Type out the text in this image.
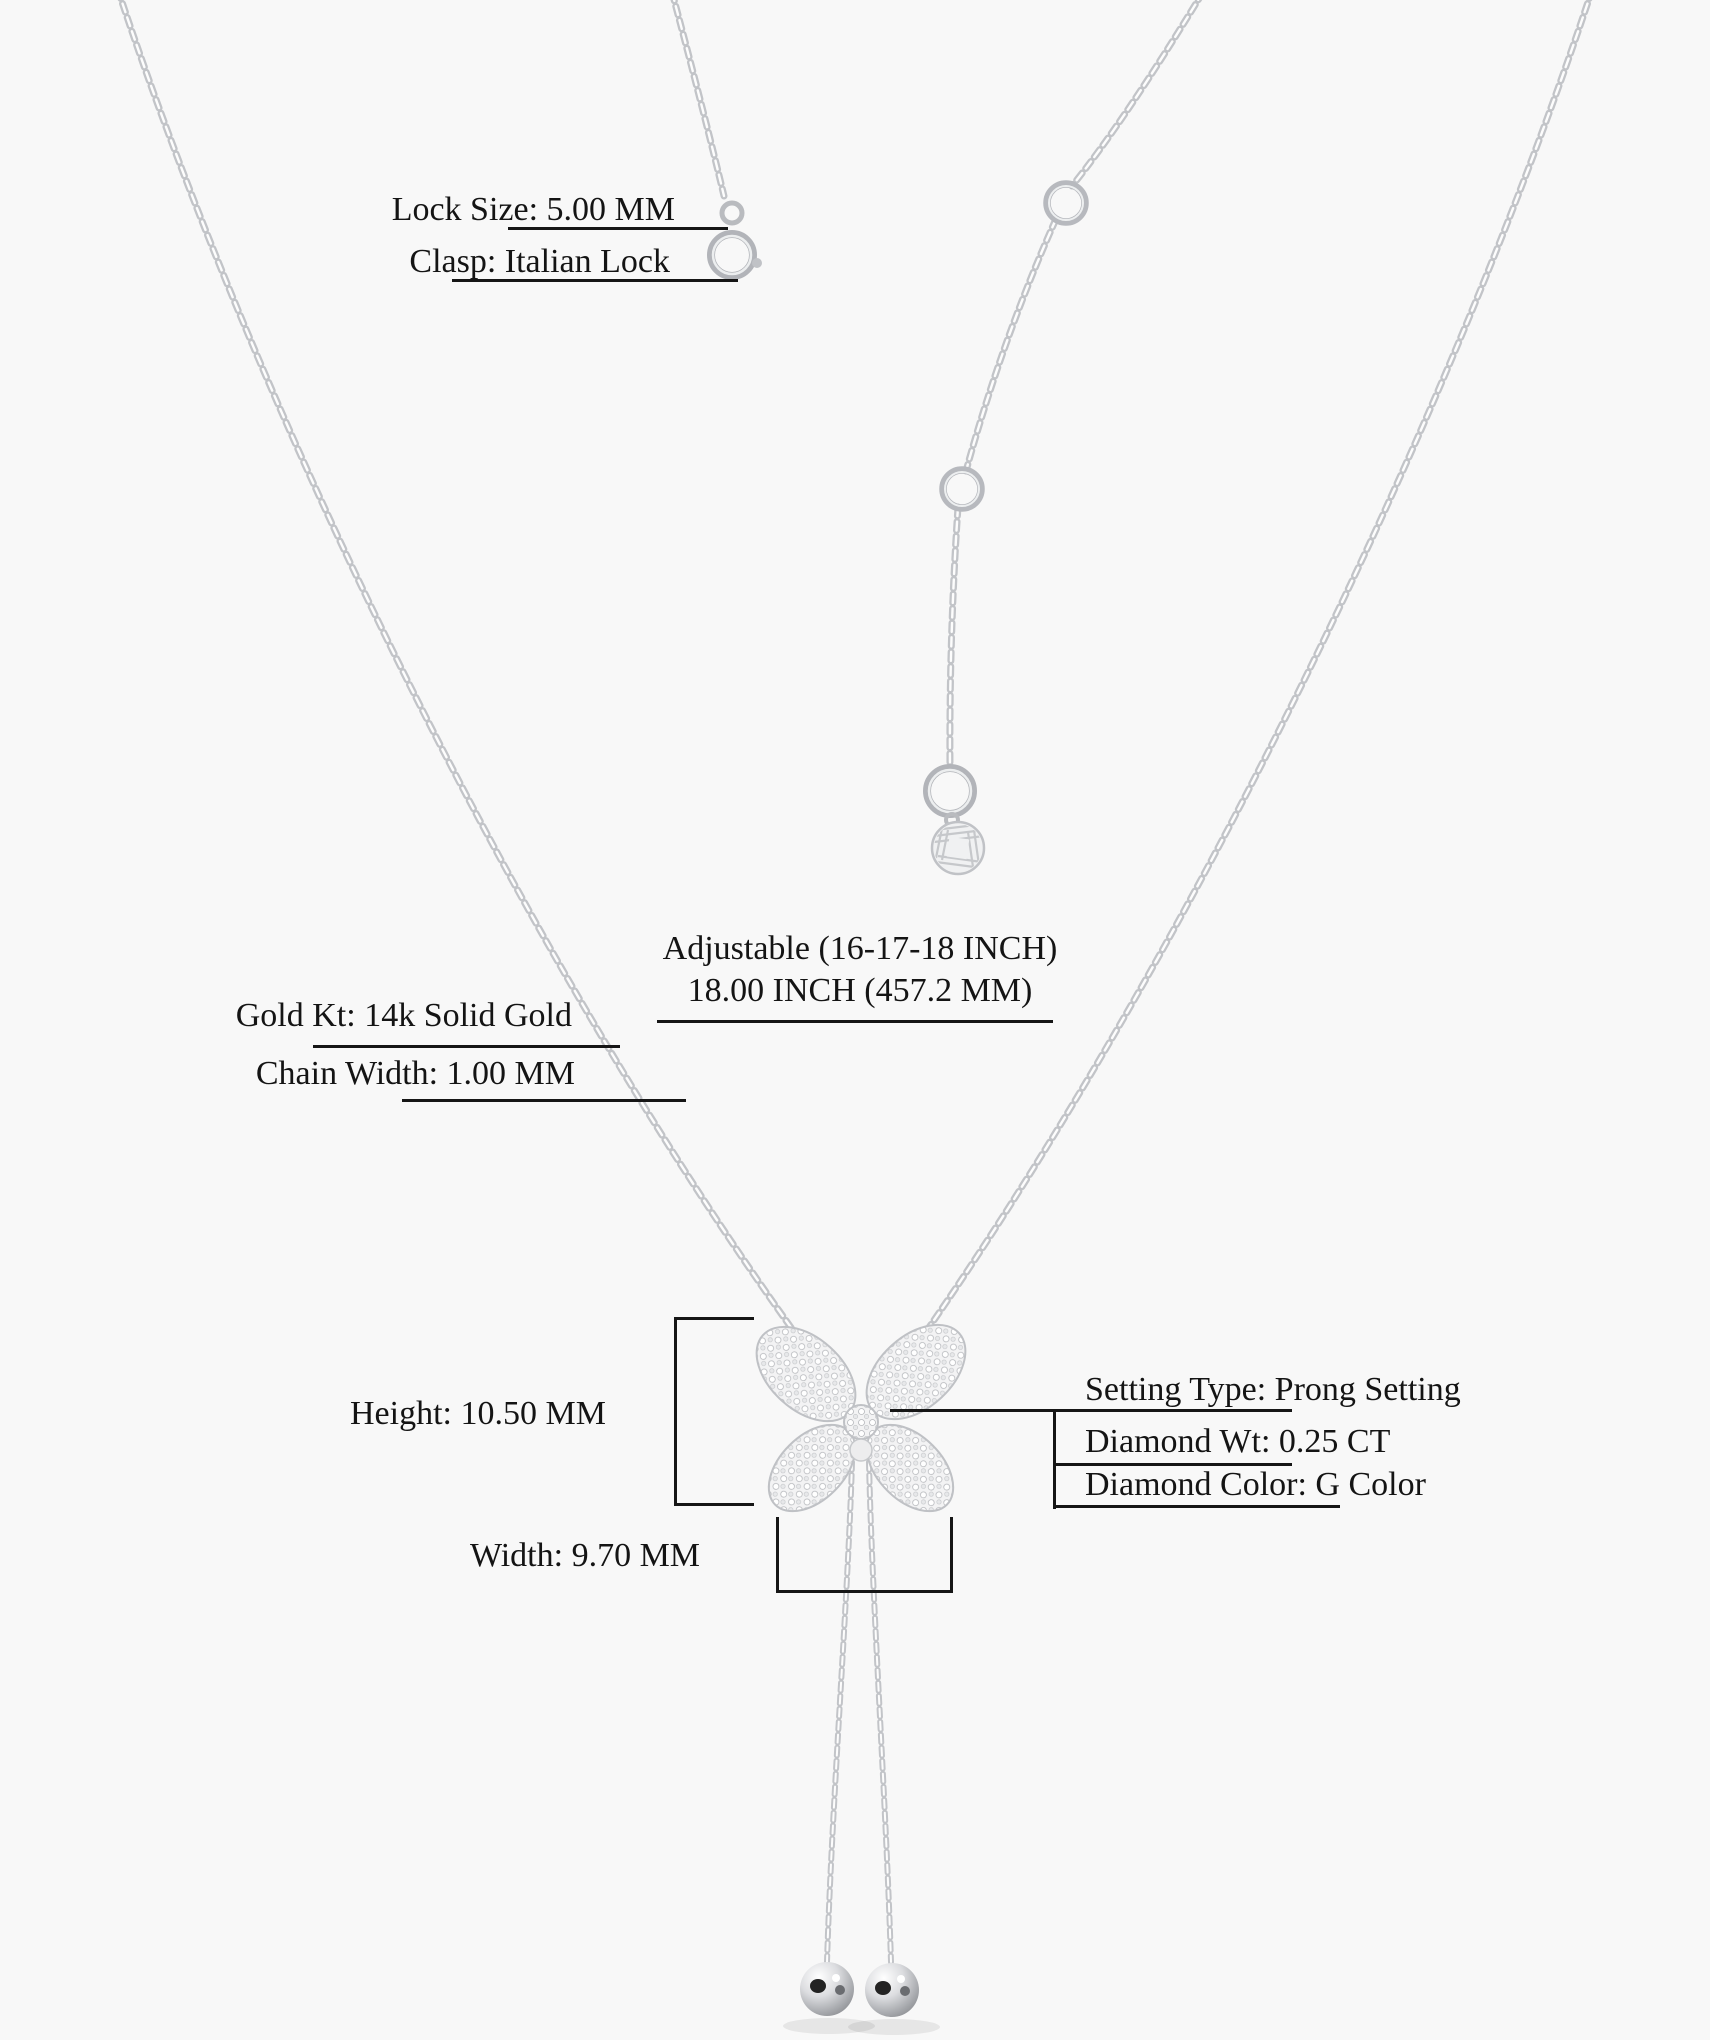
Lock Size: 5.00 MM
Clasp: Italian Lock
Adjustable (16-17-18 INCH)
18.00 INCH (457.2 MM)
Gold Kt: 14k Solid Gold
Chain Width: 1.00 MM
Height: 10.50 MM
Width: 9.70 MM
Setting Type: Prong Setting
Diamond Wt: 0.25 CT
Diamond Color: G Color
